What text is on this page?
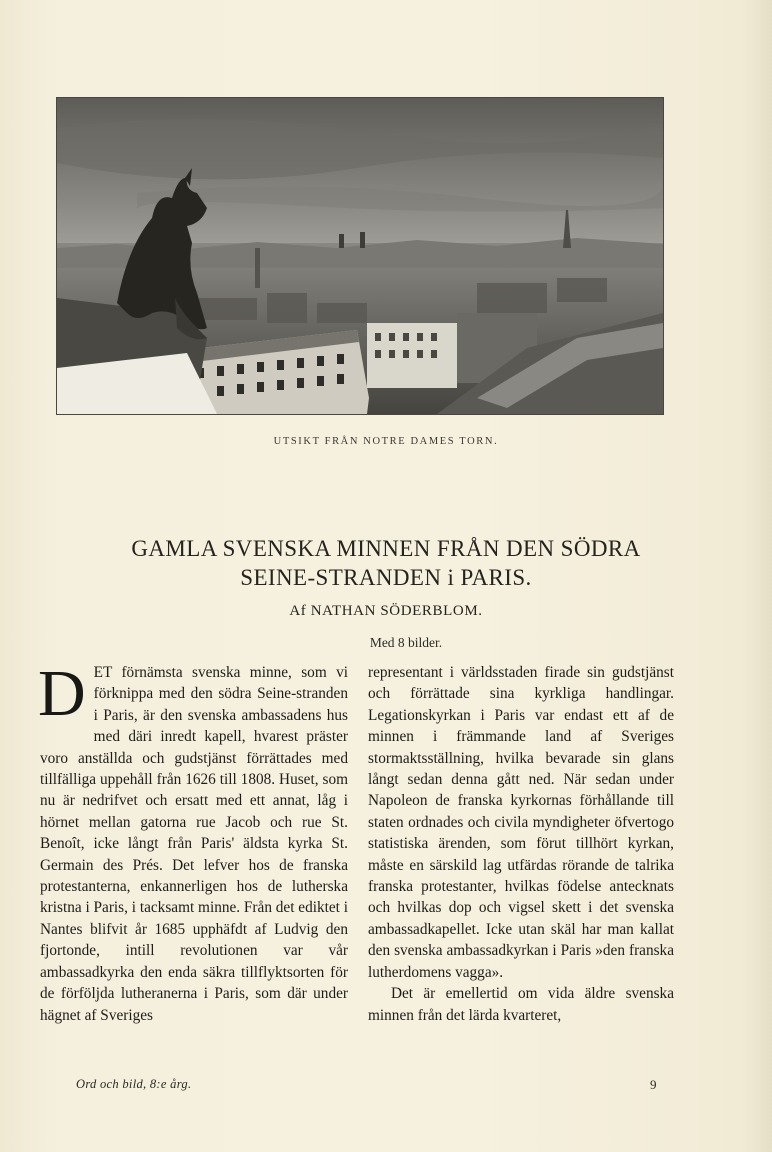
UTSIKT FRÅN NOTRE DAMES TORN.
GAMLA SVENSKA MINNEN FRÅN DEN SÖDRA
SEINE-STRANDEN i PARIS.
Af NATHAN SÖDERBLOM.
Med 8 bilder.

DET förnämsta svenska minne, som vi förknippa med den södra Seine-stranden i Paris, är den svenska ambassadens hus med däri inredt kapell, hvarest präster voro anställda och gudstjänst förrättades med tillfälliga uppehåll från 1626 till 1808. Huset, som nu är nedrifvet och ersatt med ett annat, låg i hörnet mellan gatorna rue Jacob och rue St. Benoît, icke långt från Paris' äldsta kyrka St. Germain des Prés. Det lefver hos de franska protestanterna, enkannerligen hos de lutherska kristna i Paris, i tacksamt minne. Från det ediktet i Nantes blifvit år 1685 upphäfdt af Ludvig den fjortonde, intill revolutionen var vår ambassadkyrka den enda säkra tillflyktsorten för de förföljda lutheranerna i Paris, som där under hägnet af Sveriges

representant i världsstaden firade sin gudstjänst och förrättade sina kyrkliga handlingar. Legationskyrkan i Paris var endast ett af de minnen i främmande land af Sveriges stormaktsställning, hvilka bevarade sin glans långt sedan denna gått ned. När sedan under Napoleon de franska kyrkornas förhållande till staten ordnades och civila myndigheter öfvertogo statistiska ärenden, som förut tillhört kyrkan, måste en särskild lag utfärdas rörande de talrika franska protestanter, hvilkas födelse antecknats och hvilkas dop och vigsel skett i det svenska ambassadkapellet. Icke utan skäl har man kallat den svenska ambassadkyrkan i Paris »den franska lutherdomens vagga».

Det är emellertid om vida äldre svenska minnen från det lärda kvarteret,

Ord och bild, 8:e årg.	9
